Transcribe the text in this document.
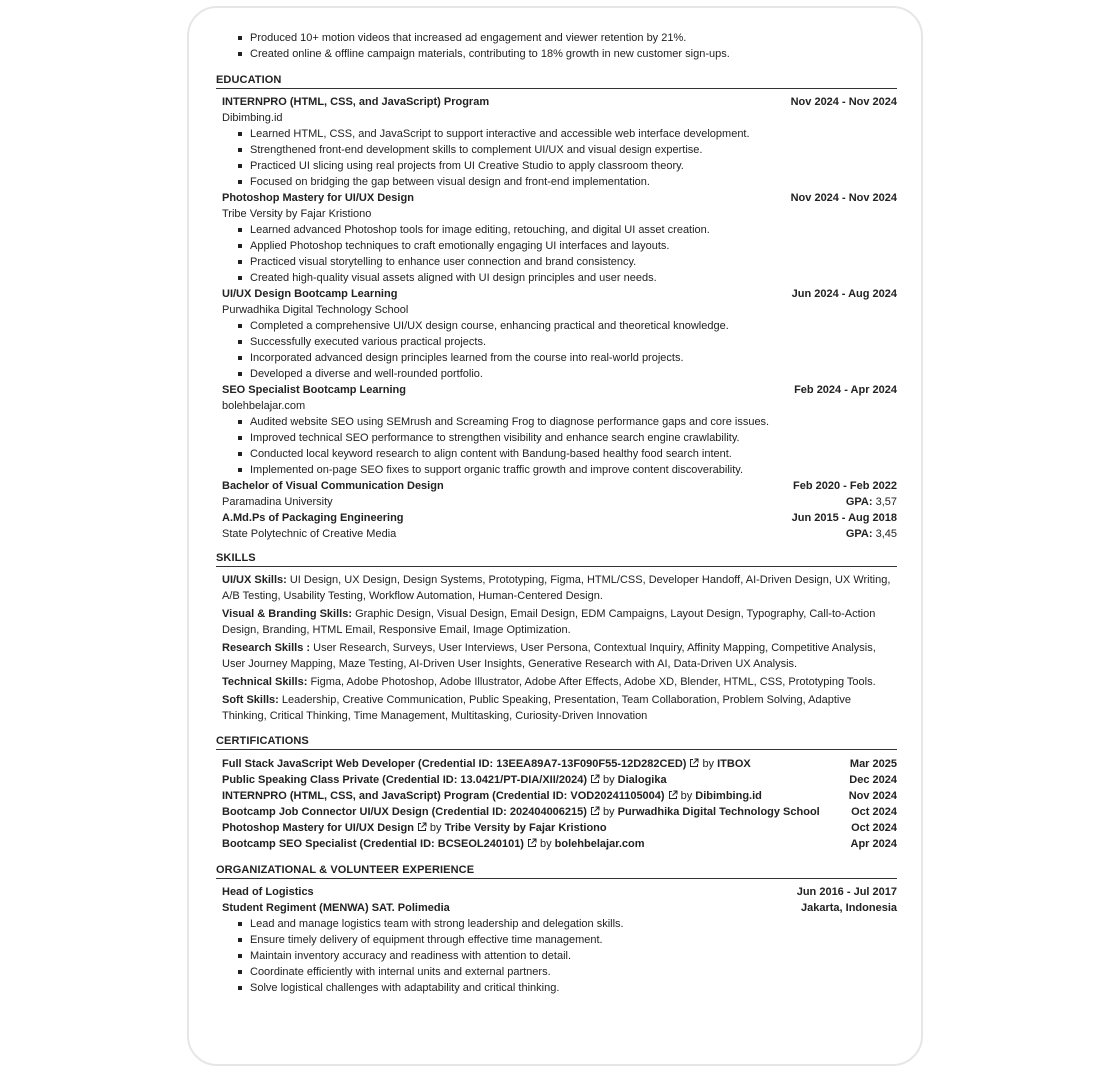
Produced 10+ motion videos that increased ad engagement and viewer retention by 21%.
Created online & offline campaign materials, contributing to 18% growth in new customer sign-ups.
EDUCATION
INTERNPRO (HTML, CSS, and JavaScript) Program	Nov 2024 - Nov 2024
Dibimbing.id
Learned HTML, CSS, and JavaScript to support interactive and accessible web interface development.
Strengthened front-end development skills to complement UI/UX and visual design expertise.
Practiced UI slicing using real projects from UI Creative Studio to apply classroom theory.
Focused on bridging the gap between visual design and front-end implementation.
Photoshop Mastery for UI/UX Design	Nov 2024 - Nov 2024
Tribe Versity by Fajar Kristiono
Learned advanced Photoshop tools for image editing, retouching, and digital UI asset creation.
Applied Photoshop techniques to craft emotionally engaging UI interfaces and layouts.
Practiced visual storytelling to enhance user connection and brand consistency.
Created high-quality visual assets aligned with UI design principles and user needs.
UI/UX Design Bootcamp Learning	Jun 2024 - Aug 2024
Purwadhika Digital Technology School
Completed a comprehensive UI/UX design course, enhancing practical and theoretical knowledge.
Successfully executed various practical projects.
Incorporated advanced design principles learned from the course into real-world projects.
Developed a diverse and well-rounded portfolio.
SEO Specialist Bootcamp Learning	Feb 2024 - Apr 2024
bolehbelajar.com
Audited website SEO using SEMrush and Screaming Frog to diagnose performance gaps and core issues.
Improved technical SEO performance to strengthen visibility and enhance search engine crawlability.
Conducted local keyword research to align content with Bandung-based healthy food search intent.
Implemented on-page SEO fixes to support organic traffic growth and improve content discoverability.
Bachelor of Visual Communication Design	Feb 2020 - Feb 2022
Paramadina University	GPA: 3,57
A.Md.Ps of Packaging Engineering	Jun 2015 - Aug 2018
State Polytechnic of Creative Media	GPA: 3,45
SKILLS
UI/UX Skills: UI Design, UX Design, Design Systems, Prototyping, Figma, HTML/CSS, Developer Handoff, AI-Driven Design, UX Writing, A/B Testing, Usability Testing, Workflow Automation, Human-Centered Design.
Visual & Branding Skills: Graphic Design, Visual Design, Email Design, EDM Campaigns, Layout Design, Typography, Call-to-Action Design, Branding, HTML Email, Responsive Email, Image Optimization.
Research Skills : User Research, Surveys, User Interviews, User Persona, Contextual Inquiry, Affinity Mapping, Competitive Analysis, User Journey Mapping, Maze Testing, AI-Driven User Insights, Generative Research with AI, Data-Driven UX Analysis.
Technical Skills: Figma, Adobe Photoshop, Adobe Illustrator, Adobe After Effects, Adobe XD, Blender, HTML, CSS, Prototyping Tools.
Soft Skills: Leadership, Creative Communication, Public Speaking, Presentation, Team Collaboration, Problem Solving, Adaptive Thinking, Critical Thinking, Time Management, Multitasking, Curiosity-Driven Innovation
CERTIFICATIONS
Full Stack JavaScript Web Developer (Credential ID: 13EEA89A7-13F090F55-12D282CED) by ITBOX	Mar 2025
Public Speaking Class Private (Credential ID: 13.0421/PT-DIA/XII/2024) by Dialogika	Dec 2024
INTERNPRO (HTML, CSS, and JavaScript) Program (Credential ID: VOD20241105004) by Dibimbing.id	Nov 2024
Bootcamp Job Connector UI/UX Design (Credential ID: 202404006215) by Purwadhika Digital Technology School	Oct 2024
Photoshop Mastery for UI/UX Design by Tribe Versity by Fajar Kristiono	Oct 2024
Bootcamp SEO Specialist (Credential ID: BCSEOL240101) by bolehbelajar.com	Apr 2024
ORGANIZATIONAL & VOLUNTEER EXPERIENCE
Head of Logistics	Jun 2016 - Jul 2017
Student Regiment (MENWA) SAT. Polimedia	Jakarta, Indonesia
Lead and manage logistics team with strong leadership and delegation skills.
Ensure timely delivery of equipment through effective time management.
Maintain inventory accuracy and readiness with attention to detail.
Coordinate efficiently with internal units and external partners.
Solve logistical challenges with adaptability and critical thinking.
